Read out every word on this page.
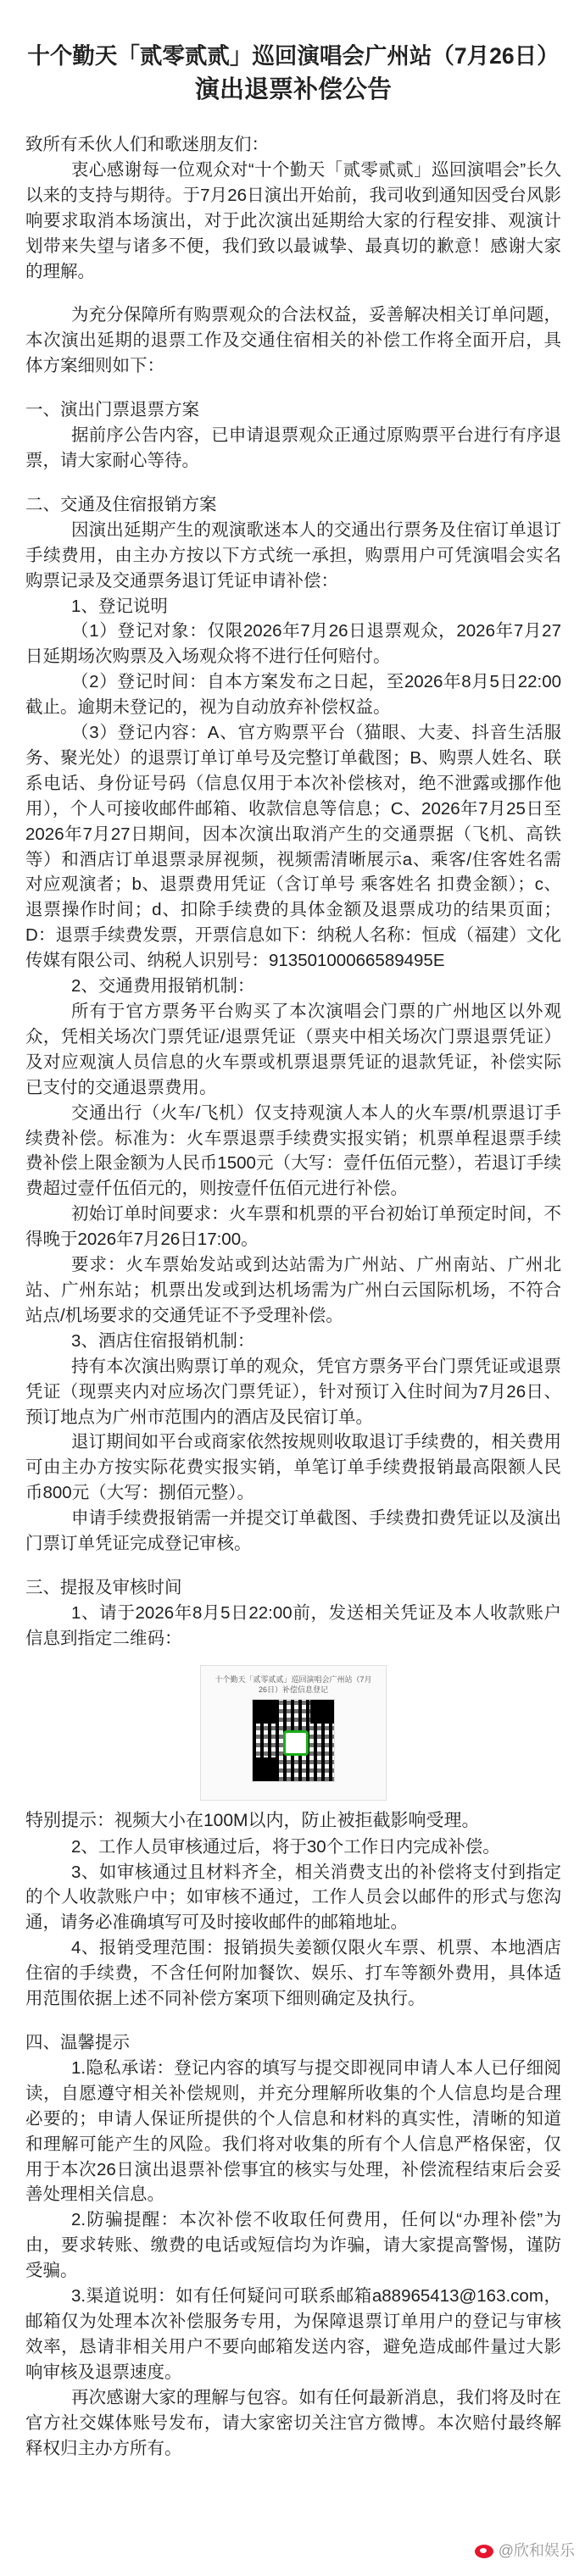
十个勤天「贰零贰贰」巡回演唱会广州站（7月26日）
演出退票补偿公告

致所有禾伙人们和歌迷朋友们：

衷心感谢每一位观众对“十个勤天「贰零贰贰」巡回演唱会”长久以来的支持与期待。于7月26日演出开始前，我司收到通知因受台风影响要求取消本场演出，对于此次演出延期给大家的行程安排、观演计划带来失望与诸多不便，我们致以最诚挚、最真切的歉意！感谢大家的理解。

为充分保障所有购票观众的合法权益，妥善解决相关订单问题，本次演出延期的退票工作及交通住宿相关的补偿工作将全面开启，具体方案细则如下：

一、演出门票退票方案

据前序公告内容，已申请退票观众正通过原购票平台进行有序退票，请大家耐心等待。

二、交通及住宿报销方案

因演出延期产生的观演歌迷本人的交通出行票务及住宿订单退订手续费用，由主办方按以下方式统一承担，购票用户可凭演唱会实名购票记录及交通票务退订凭证申请补偿：

1、登记说明

（1）登记对象：仅限2026年7月26日退票观众，2026年7月27日延期场次购票及入场观众将不进行任何赔付。

（2）登记时间：自本方案发布之日起，至2026年8月5日22:00截止。逾期未登记的，视为自动放弃补偿权益。

（3）登记内容：A、官方购票平台（猫眼、大麦、抖音生活服务、聚光处）的退票订单订单号及完整订单截图；B、购票人姓名、联系电话、身份证号码（信息仅用于本次补偿核对，绝不泄露或挪作他用），个人可接收邮件邮箱、收款信息等信息；C、2026年7月25日至2026年7月27日期间，因本次演出取消产生的交通票据（飞机、高铁等）和酒店订单退票录屏视频，视频需清晰展示a、乘客/住客姓名需对应观演者；b、退票费用凭证（含订单号 乘客姓名 扣费金额）；c、退票操作时间；d、扣除手续费的具体金额及退票成功的结果页面；D：退票手续费发票，开票信息如下：纳税人名称：恒成（福建）文化传媒有限公司、纳税人识别号：91350100066589495E

2、交通费用报销机制：

所有于官方票务平台购买了本次演唱会门票的广州地区以外观众，凭相关场次门票凭证/退票凭证（票夹中相关场次门票退票凭证）及对应观演人员信息的火车票或机票退票凭证的退款凭证，补偿实际已支付的交通退票费用。

交通出行（火车/飞机）仅支持观演人本人的火车票/机票退订手续费补偿。标准为：火车票退票手续费实报实销；机票单程退票手续费补偿上限金额为人民币1500元（大写：壹仟伍佰元整），若退订手续费超过壹仟伍佰元的，则按壹仟伍佰元进行补偿。

初始订单时间要求：火车票和机票的平台初始订单预定时间，不得晚于2026年7月26日17:00。

要求：火车票始发站或到达站需为广州站、广州南站、广州北站、广州东站；机票出发或到达机场需为广州白云国际机场，不符合站点/机场要求的交通凭证不予受理补偿。

3、酒店住宿报销机制：

持有本次演出购票订单的观众，凭官方票务平台门票凭证或退票凭证（现票夹内对应场次门票凭证），针对预订入住时间为7月26日、预订地点为广州市范围内的酒店及民宿订单。

退订期间如平台或商家依然按规则收取退订手续费的，相关费用可由主办方按实际花费实报实销，单笔订单手续费报销最高限额人民币800元（大写：捌佰元整）。

申请手续费报销需一并提交订单截图、手续费扣费凭证以及演出门票订单凭证完成登记审核。

三、提报及审核时间

1、请于2026年8月5日22:00前，发送相关凭证及本人收款账户信息到指定二维码：

十个勤天「贰零贰贰」巡回演唱会广州站（7月26日）补偿信息登记

特别提示：视频大小在100M以内，防止被拒截影响受理。

2、工作人员审核通过后，将于30个工作日内完成补偿。

3、如审核通过且材料齐全，相关消费支出的补偿将支付到指定的个人收款账户中；如审核不通过，工作人员会以邮件的形式与您沟通，请务必准确填写可及时接收邮件的邮箱地址。

4、报销受理范围：报销损失姜额仅限火车票、机票、本地酒店住宿的手续费，不含任何附加餐饮、娱乐、打车等额外费用，具体适用范围依据上述不同补偿方案项下细则确定及执行。

四、温馨提示

1.隐私承诺：登记内容的填写与提交即视同申请人本人已仔细阅读，自愿遵守相关补偿规则，并充分理解所收集的个人信息均是合理必要的；申请人保证所提供的个人信息和材料的真实性，清晰的知道和理解可能产生的风险。我们将对收集的所有个人信息严格保密，仅用于本次26日演出退票补偿事宜的核实与处理，补偿流程结束后会妥善处理相关信息。

2.防骗提醒：本次补偿不收取任何费用，任何以“办理补偿”为由，要求转账、缴费的电话或短信均为诈骗，请大家提高警惕，谨防受骗。

3.渠道说明：如有任何疑问可联系邮箱a88965413@163.com，邮箱仅为处理本次补偿服务专用，为保障退票订单用户的登记与审核效率，恳请非相关用户不要向邮箱发送内容，避免造成邮件量过大影响审核及退票速度。

再次感谢大家的理解与包容。如有任何最新消息，我们将及时在官方社交媒体账号发布，请大家密切关注官方微博。本次赔付最终解释权归主办方所有。

@欣和娱乐
